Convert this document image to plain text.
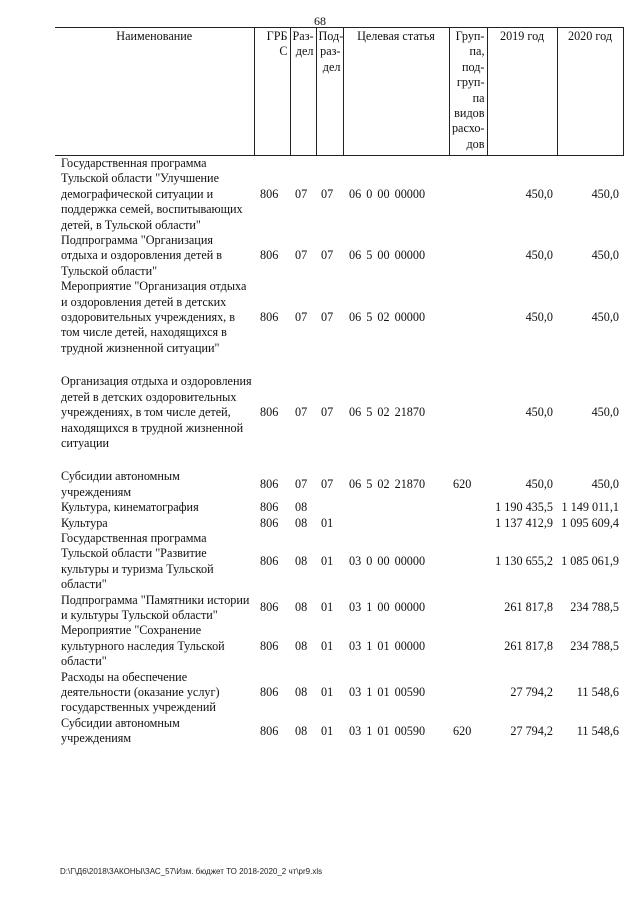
68
Наименование	ГРБ С	Раз- дел	Под- раз- дел	Целевая статья	Груп- па, под- груп- па видов расхо- дов	2019 год	2020 год
Государственная программа Тульской области "Улучшение демографической ситуации и поддержка семей, воспитывающих детей, в Тульской области"	806	07	07	06 0 00 00000		450,0	450,0
Подпрограмма "Организация отдыха и оздоровления детей в Тульской области"	806	07	07	06 5 00 00000		450,0	450,0
Мероприятие "Организация отдыха и оздоровления детей в детских оздоровительных учреждениях, в том числе детей, находящихся в трудной жизненной ситуации"	806	07	07	06 5 02 00000		450,0	450,0

Организация отдыха и оздоровления детей в детских оздоровительных учреждениях, в том числе детей, находящихся в трудной жизненной ситуации	806	07	07	06 5 02 21870		450,0	450,0

Субсидии автономным учреждениям	806	07	07	06 5 02 21870	620	450,0	450,0
Культура, кинематография	806	08				1 190 435,5	1 149 011,1
Культура	806	08	01			1 137 412,9	1 095 609,4
Государственная программа Тульской области "Развитие культуры и туризма Тульской области"	806	08	01	03 0 00 00000		1 130 655,2	1 085 061,9
Подпрограмма "Памятники истории и культуры Тульской области"	806	08	01	03 1 00 00000		261 817,8	234 788,5
Мероприятие "Сохранение культурного наследия Тульской области"	806	08	01	03 1 01 00000		261 817,8	234 788,5
Расходы на обеспечение деятельности (оказание услуг) государственных учреждений	806	08	01	03 1 01 00590		27 794,2	11 548,6
Субсидии автономным учреждениям	806	08	01	03 1 01 00590	620	27 794,2	11 548,6
D:\Г\Д6\2018\ЗАКОНЫ\ЗАС_57\Изм. бюджет ТО 2018-2020_2 чт\pr9.xls
